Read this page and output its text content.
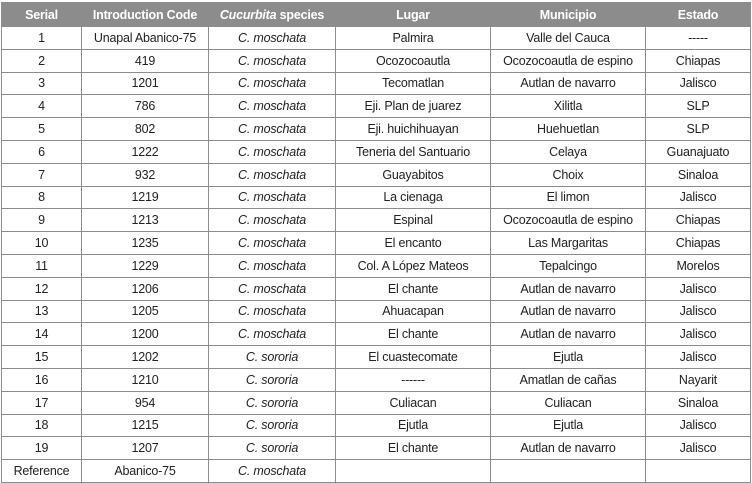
Serial	Introduction Code	Cucurbita species	Lugar	Municipio	Estado
1	Unapal Abanico-75	C. moschata	Palmira	Valle del Cauca	-----
2	419	C. moschata	Ocozocoautla	Ocozocoautla de espino	Chiapas
3	1201	C. moschata	Tecomatlan	Autlan de navarro	Jalisco
4	786	C. moschata	Eji. Plan de juarez	Xilitla	SLP
5	802	C. moschata	Eji. huichihuayan	Huehuetlan	SLP
6	1222	C. moschata	Teneria del Santuario	Celaya	Guanajuato
7	932	C. moschata	Guayabitos	Choix	Sinaloa
8	1219	C. moschata	La cienaga	El limon	Jalisco
9	1213	C. moschata	Espinal	Ocozocoautla de espino	Chiapas
10	1235	C. moschata	El encanto	Las Margaritas	Chiapas
11	1229	C. moschata	Col. A López Mateos	Tepalcingo	Morelos
12	1206	C. moschata	El chante	Autlan de navarro	Jalisco
13	1205	C. moschata	Ahuacapan	Autlan de navarro	Jalisco
14	1200	C. moschata	El chante	Autlan de navarro	Jalisco
15	1202	C. sororia	El cuastecomate	Ejutla	Jalisco
16	1210	C. sororia	------	Amatlan de cañas	Nayarit
17	954	C. sororia	Culiacan	Culiacan	Sinaloa
18	1215	C. sororia	Ejutla	Ejutla	Jalisco
19	1207	C. sororia	El chante	Autlan de navarro	Jalisco
Reference	Abanico-75	C. moschata			
